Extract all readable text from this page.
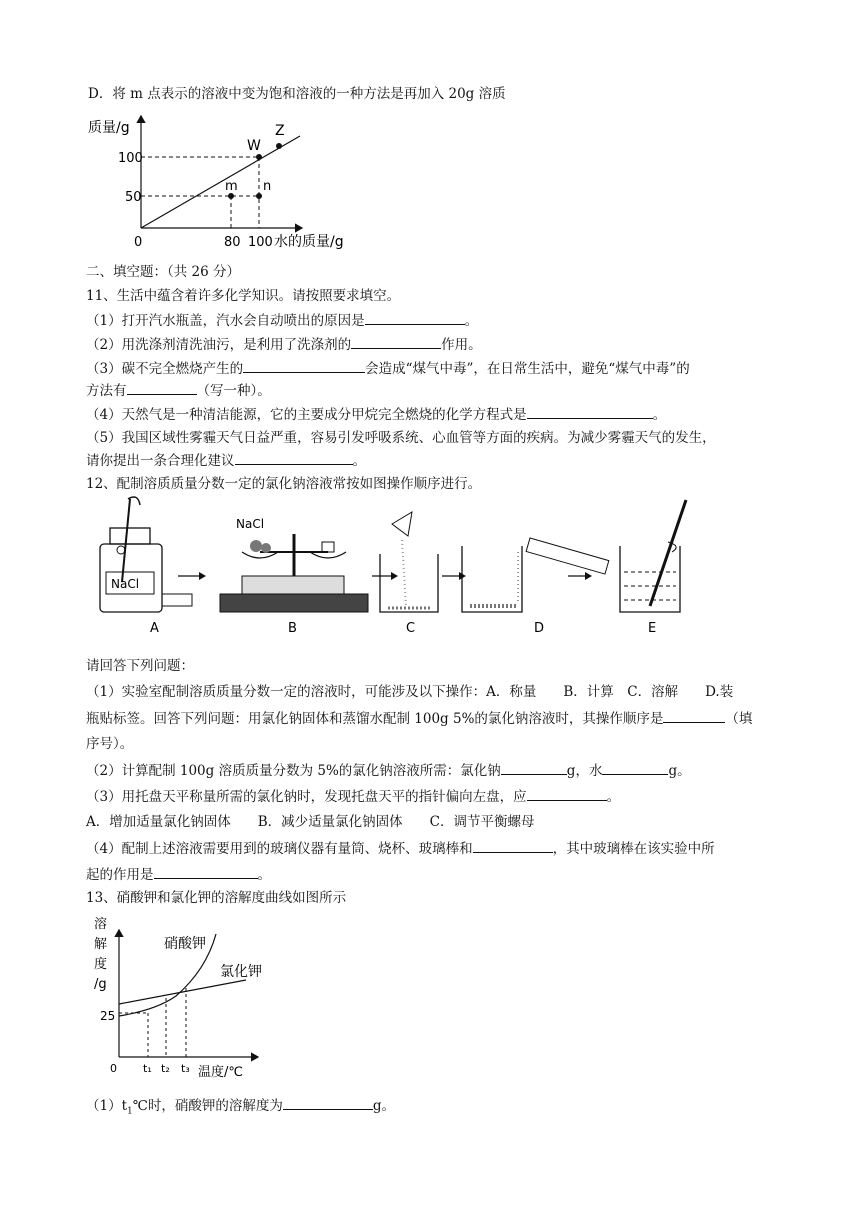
D．将 m 点表示的溶液中变为饱和溶液的一种方法是再加入 20g 溶质
质量/g
100
50
0	80 100 水的质量/g
W
Z
m n
二、填空题：（共 26 分）
11、生活中蕴含着许多化学知识。请按照要求填空。
（1）打开汽水瓶盖，汽水会自动喷出的原因是	。
（2）用洗涤剂清洗油污，是利用了洗涤剂的	作用。
（3）碳不完全燃烧产生的	会造成“煤气中毒”，在日常生活中，避免“煤气中毒”的
方法有	（写一种）。
（4）天然气是一种清洁能源，它的主要成分甲烷完全燃烧的化学方程式是	。
（5）我国区域性雾霾天气日益严重，容易引发呼吸系统、心血管等方面的疾病。为减少雾霾天气的发生，
请你提出一条合理化建议	。
12、配制溶质质量分数一定的氯化钠溶液常按如图操作顺序进行。
NaCl
NaCl
A	B	C	D	E
请回答下列问题：
（1）实验室配制溶质质量分数一定的溶液时，可能涉及以下操作：A．称量　　B．计算　C．溶解　　D.装
瓶贴标签。回答下列问题：用氯化钠固体和蒸馏水配制 100g 5%的氯化钠溶液时，其操作顺序是	（填
序号）。
（2）计算配制 100g 溶质质量分数为 5%的氯化钠溶液所需：氯化钠	g，水	g。
（3）用托盘天平称量所需的氯化钠时，发现托盘天平的指针偏向左盘，应	。
A．增加适量氯化钠固体　　B．减少适量氯化钠固体　　C．调节平衡螺母
（4）配制上述溶液需要用到的玻璃仪器有量筒、烧杯、玻璃棒和	，其中玻璃棒在该实验中所
起的作用是	。
13、硝酸钾和氯化钾的溶解度曲线如图所示
溶
解
度
/g
25
0 t₁ t₂ t₃ 温度/℃
硝酸钾
氯化钾
$(1)t_1℃$时，硝酸钾的溶解度为	g。
